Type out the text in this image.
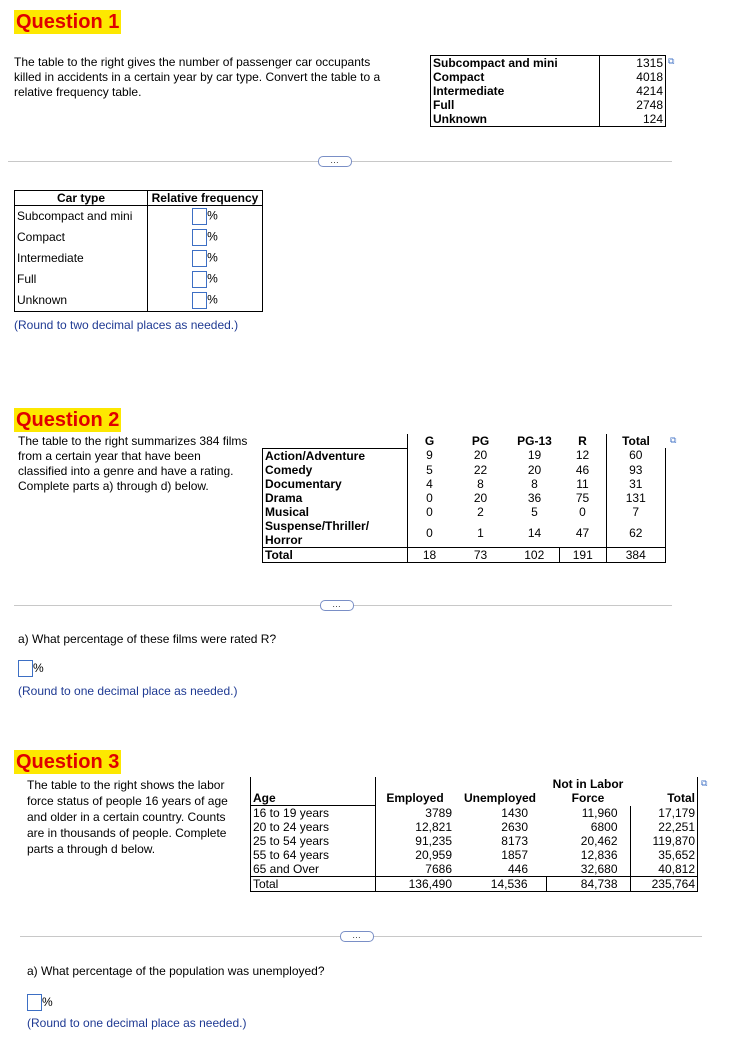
Question 1
The table to the right gives the number of passenger car occupants
killed in accidents in a certain year by car type. Convert the table to a
relative frequency table.
Subcompact and mini	1315
Compact	4018
Intermediate	4214
Full	2748
Unknown	124
⧉
…
Car type	Relative frequency
Subcompact and mini	%
Compact	%
Intermediate	%
Full	%
Unknown	%
(Round to two decimal places as needed.)
Question 2
The table to the right summarizes 384 films
from a certain year that have been
classified into a genre and have a rating.
Complete parts a) through d) below.
	G	PG	PG-13	R	Total
Action/Adventure	9	20	19	12	60
Comedy	5	22	20	46	93
Documentary	4	8	8	11	31
Drama	0	20	36	75	131
Musical	0	2	5	0	7

Suspense/Thriller/
Horror	0	1	14	47	62
Total	18	73	102	191	384
⧉
…
a) What percentage of these films were rated R?
%
(Round to one decimal place as needed.)
Question 3
The table to the right shows the labor
force status of people 16 years of age
and older in a certain country. Counts
are in thousands of people. Complete
parts a through d below.
			Not in Labor	
Age	Employed	Unemployed	Force	Total
16 to 19 years	3789	1430	11,960	17,179
20 to 24 years	12,821	2630	6800	22,251
25 to 54 years	91,235	8173	20,462	119,870
55 to 64 years	20,959	1857	12,836	35,652
65 and Over	7686	446	32,680	40,812
Total	136,490	14,536	84,738	235,764
⧉
…
a) What percentage of the population was unemployed?
%
(Round to one decimal place as needed.)
